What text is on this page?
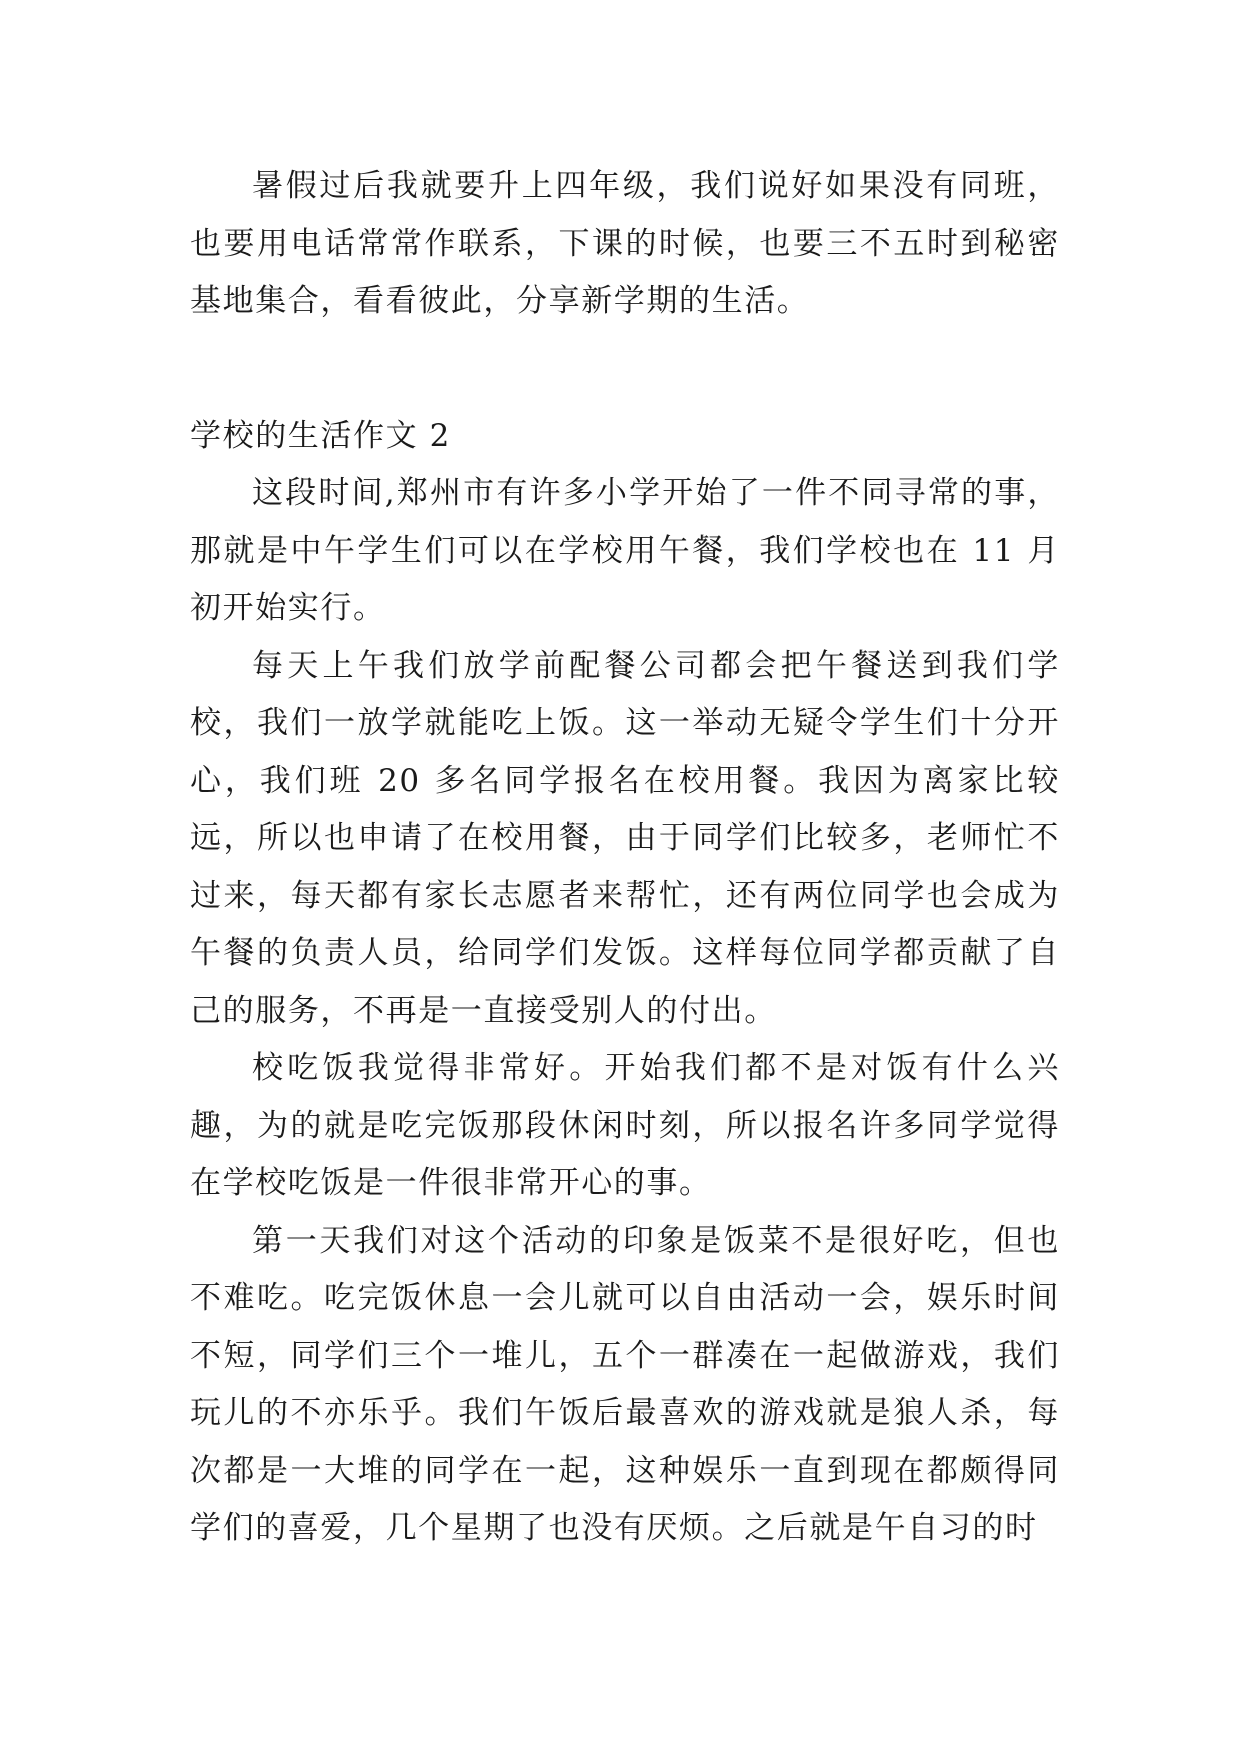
暑假过后我就要升上四年级，我们说好如果没有同班，也要用电话常常作联系，下课的时候，也要三不五时到秘密基地集合，看看彼此，分享新学期的生活。

学校的生活作文 2

这段时间,郑州市有许多小学开始了一件不同寻常的事，那就是中午学生们可以在学校用午餐，我们学校也在 11 月初开始实行。

每天上午我们放学前配餐公司都会把午餐送到我们学校，我们一放学就能吃上饭。这一举动无疑令学生们十分开心，我们班 20 多名同学报名在校用餐。我因为离家比较远，所以也申请了在校用餐，由于同学们比较多，老师忙不过来，每天都有家长志愿者来帮忙，还有两位同学也会成为午餐的负责人员，给同学们发饭。这样每位同学都贡献了自己的服务，不再是一直接受别人的付出。

校吃饭我觉得非常好。开始我们都不是对饭有什么兴趣，为的就是吃完饭那段休闲时刻，所以报名许多同学觉得在学校吃饭是一件很非常开心的事。

第一天我们对这个活动的印象是饭菜不是很好吃，但也不难吃。吃完饭休息一会儿就可以自由活动一会，娱乐时间不短，同学们三个一堆儿，五个一群凑在一起做游戏，我们玩儿的不亦乐乎。我们午饭后最喜欢的游戏就是狼人杀，每次都是一大堆的同学在一起，这种娱乐一直到现在都颇得同学们的喜爱，几个星期了也没有厌烦。之后就是午自习的时
